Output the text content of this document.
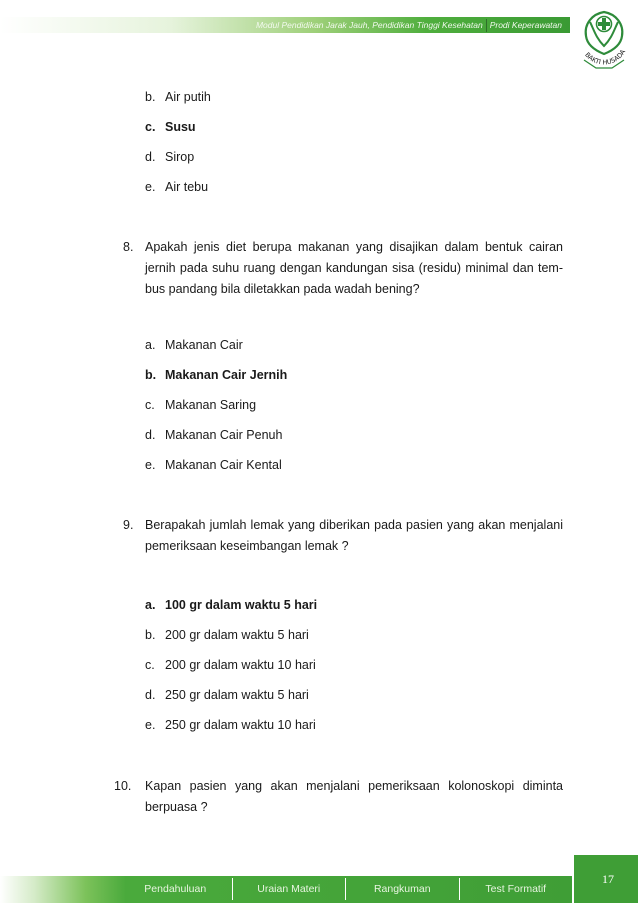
Modul Pendidikan Jarak Jauh, Pendidikan Tinggi Kesehatan Prodi Keperawatan
BAKTI HUSADA
b. Air putih
c. Susu
d. Sirop
e. Air tebu
8. Apakah jenis diet berupa makanan yang disajikan dalam bentuk cairan
jernih pada suhu ruang dengan kandungan sisa (residu) minimal dan tem-
bus pandang bila diletakkan pada wadah bening?
a. Makanan Cair
b. Makanan Cair Jernih
c. Makanan Saring
d. Makanan Cair Penuh
e. Makanan Cair Kental
9. Berapakah jumlah lemak yang diberikan pada pasien yang akan menjalani
pemeriksaan keseimbangan lemak ?
a. 100 gr dalam waktu 5 hari
b. 200 gr dalam waktu 5 hari
c. 200 gr dalam waktu 10 hari
d. 250 gr dalam waktu 5 hari
e. 250 gr dalam waktu 10 hari
10. Kapan pasien yang akan menjalani pemeriksaan kolonoskopi diminta
berpuasa ?
Pendahuluan	Uraian Materi	Rangkuman	Test Formatif
17
